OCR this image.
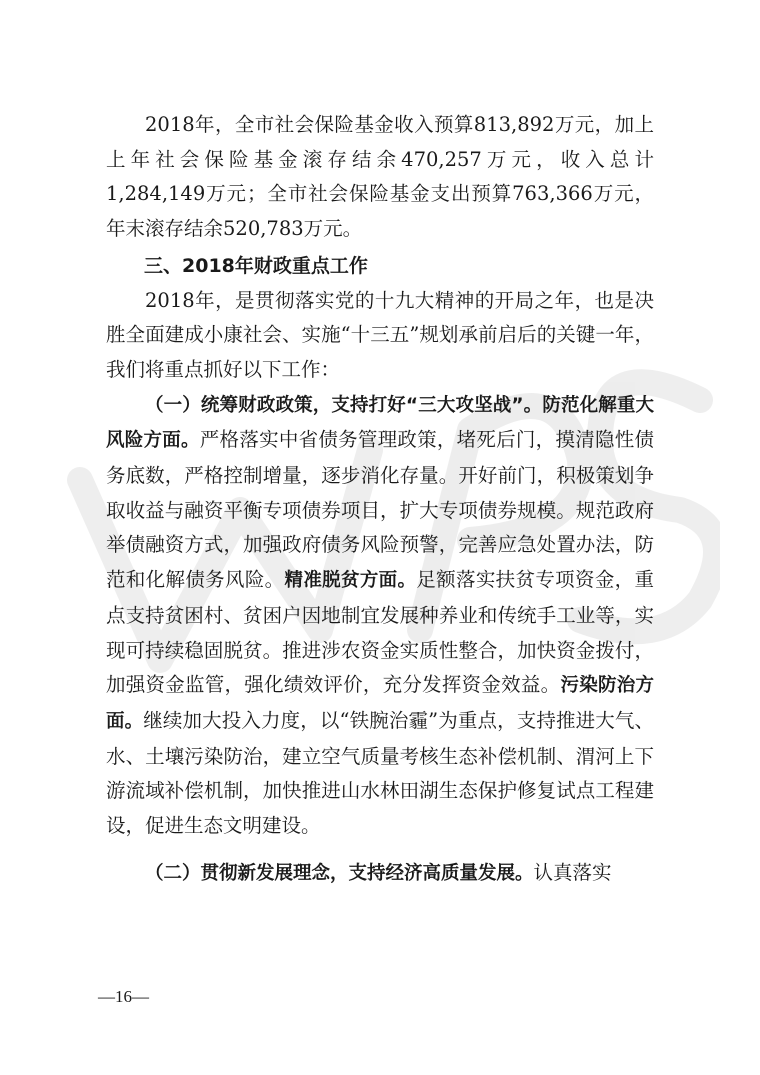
2018年，全市社会保险基金收入预算813,892万元，加上上年社会保险基金滚存结余470,257万元，收入总计1,284,149万元；全市社会保险基金支出预算763,366万元，年末滚存结余520,783万元。

三、2018年财政重点工作

2018年，是贯彻落实党的十九大精神的开局之年，也是决胜全面建成小康社会、实施“十三五”规划承前启后的关键一年，我们将重点抓好以下工作：

（一）统筹财政政策，支持打好“三大攻坚战”。防范化解重大风险方面。严格落实中省债务管理政策，堵死后门，摸清隐性债务底数，严格控制增量，逐步消化存量。开好前门，积极策划争取收益与融资平衡专项债券项目，扩大专项债券规模。规范政府举债融资方式，加强政府债务风险预警，完善应急处置办法，防范和化解债务风险。精准脱贫方面。足额落实扶贫专项资金，重点支持贫困村、贫困户因地制宜发展种养业和传统手工业等，实现可持续稳固脱贫。推进涉农资金实质性整合，加快资金拨付，加强资金监管，强化绩效评价，充分发挥资金效益。污染防治方面。继续加大投入力度，以“铁腕治霾”为重点，支持推进大气、水、土壤污染防治，建立空气质量考核生态补偿机制、渭河上下游流域补偿机制，加快推进山水林田湖生态保护修复试点工程建设，促进生态文明建设。

（二）贯彻新发展理念，支持经济高质量发展。认真落实

—16—
